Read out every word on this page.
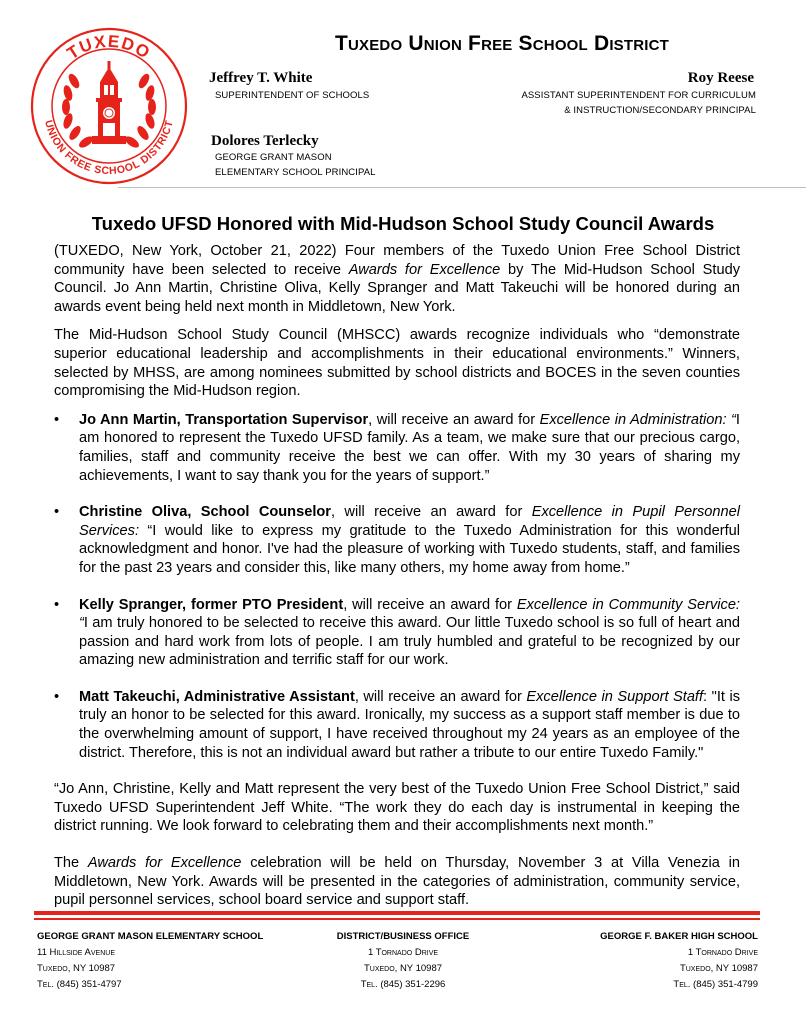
TUXEDO
UNION FREE SCHOOL DISTRICT
Tuxedo Union Free School District
Jeffrey T. White
SUPERINTENDENT OF SCHOOLS
Roy Reese
ASSISTANT SUPERINTENDENT FOR CURRICULUM
& INSTRUCTION/SECONDARY PRINCIPAL
Dolores Terlecky
GEORGE GRANT MASON
ELEMENTARY SCHOOL PRINCIPAL
Tuxedo UFSD Honored with Mid-Hudson School Study Council Awards

(TUXEDO, New York, October 21, 2022) Four members of the Tuxedo Union Free School District community have been selected to receive Awards for Excellence by The Mid-Hudson School Study Council. Jo Ann Martin, Christine Oliva, Kelly Spranger and Matt Takeuchi will be honored during an awards event being held next month in Middletown, New York.

The Mid-Hudson School Study Council (MHSCC) awards recognize individuals who “demonstrate superior educational leadership and accomplishments in their educational environments.” Winners, selected by MHSS, are among nominees submitted by school districts and BOCES in the seven counties compromising the Mid-Hudson region.

• Jo Ann Martin, Transportation Supervisor, will receive an award for Excellence in Administration: “I am honored to represent the Tuxedo UFSD family. As a team, we make sure that our precious cargo, families, staff and community receive the best we can offer. With my 30 years of sharing my achievements, I want to say thank you for the years of support.”
• Christine Oliva, School Counselor, will receive an award for Excellence in Pupil Personnel Services: “I would like to express my gratitude to the Tuxedo Administration for this wonderful acknowledgment and honor. I've had the pleasure of working with Tuxedo students, staff, and families for the past 23 years and consider this, like many others, my home away from home.”
• Kelly Spranger, former PTO President, will receive an award for Excellence in Community Service: “I am truly honored to be selected to receive this award. Our little Tuxedo school is so full of heart and passion and hard work from lots of people. I am truly humbled and grateful to be recognized by our amazing new administration and terrific staff for our work.
• Matt Takeuchi, Administrative Assistant, will receive an award for Excellence in Support Staff: "It is truly an honor to be selected for this award. Ironically, my success as a support staff member is due to the overwhelming amount of support, I have received throughout my 24 years as an employee of the district. Therefore, this is not an individual award but rather a tribute to our entire Tuxedo Family."

“Jo Ann, Christine, Kelly and Matt represent the very best of the Tuxedo Union Free School District,” said Tuxedo UFSD Superintendent Jeff White. “The work they do each day is instrumental in keeping the district running. We look forward to celebrating them and their accomplishments next month.”

The Awards for Excellence celebration will be held on Thursday, November 3 at Villa Venezia in Middletown, New York. Awards will be presented in the categories of administration, community service, pupil personnel services, school board service and support staff.

GEORGE GRANT MASON ELEMENTARY SCHOOL
11 Hillside Avenue
Tuxedo, NY 10987
Tel. (845) 351-4797
DISTRICT/BUSINESS OFFICE
1 Tornado Drive
Tuxedo, NY 10987
Tel. (845) 351-2296
GEORGE F. BAKER HIGH SCHOOL
1 Tornado Drive
Tuxedo, NY 10987
Tel. (845) 351-4799
